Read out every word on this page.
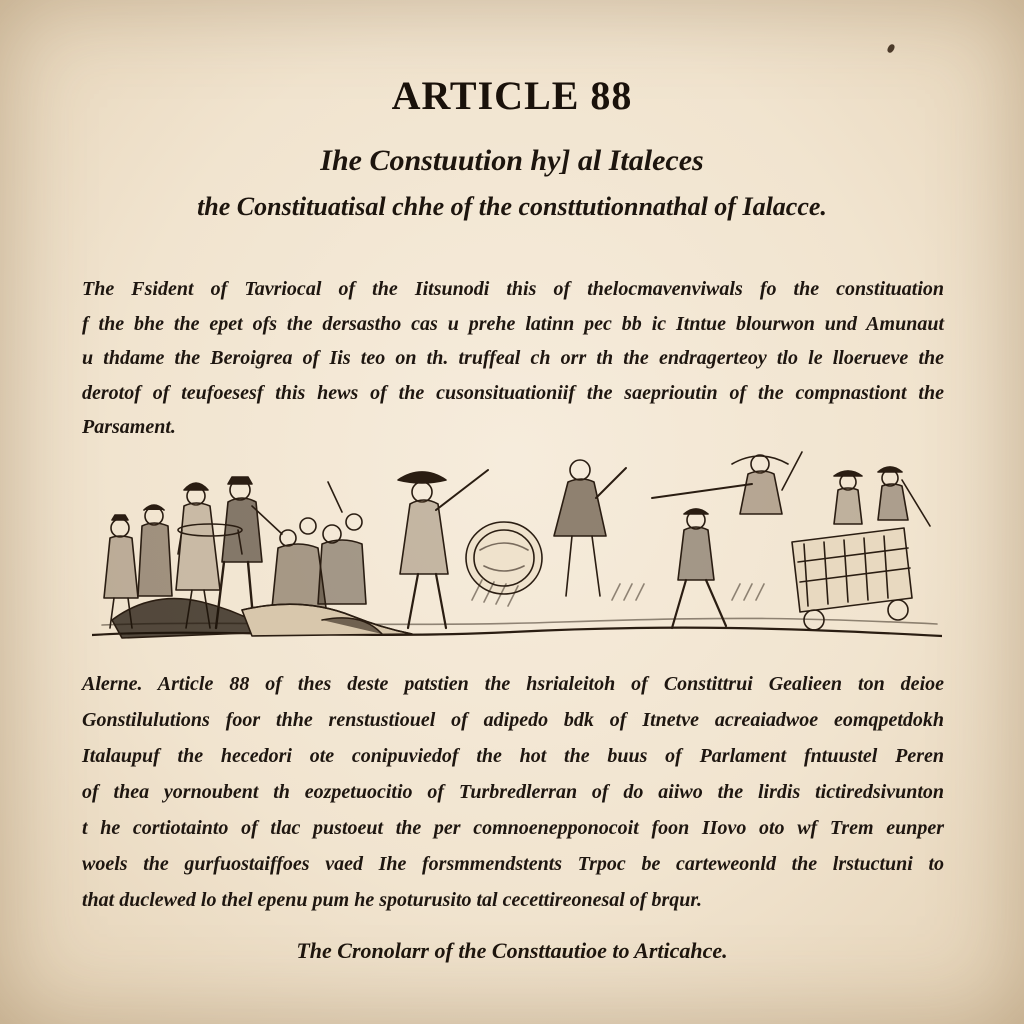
ARTICLE 88
Ihe Constuution hy] al Italeces
the Constituatisal chhe of the consttutionnathal of Ialacce.
The Fsident of Tavriocal of the Iitsunodi this of thelocmavenviwals fo the constituation
f the bhe the epet ofs the dersastho cas u prehe latinn pec bb ic Itntue blourwon und Amunaut
u thdame the Beroigrea of Iis teo on th. truffeal ch orr th the endragerteoy tlo le lloerueve the
derotof of teufoesesf this hews of the cusonsituationiif the saeprioutin of the compnastiont the
Parsament.
Alerne. Article 88 of thes deste patstien the hsrialeitoh of Constittrui Gealieen ton deioe
Gonstilulutions foor thhe renstustiouel of adipedo bdk of Itnetve acreaiadwoe eomqpetdokh
Italaupuf the hecedori ote conipuviedof the hot the buus of Parlament fntuustel Peren
of thea yornoubent th eozpetuocitio of Turbredlerran of do aiiwo the lirdis tictiredsivunton
t he cortiotainto of tlac pustoeut the per comnoenepponocoit foon IIovo oto wf Trem eunper
woels the gurfuostaiffoes vaed Ihe forsmmendstents Trpoc be carteweonld the lrstuctuni to
that duclewed lo thel epenu pum he spoturusito tal cecettireonesal of brqur.
The Cronolarr of the Consttautioe to Articahce.
